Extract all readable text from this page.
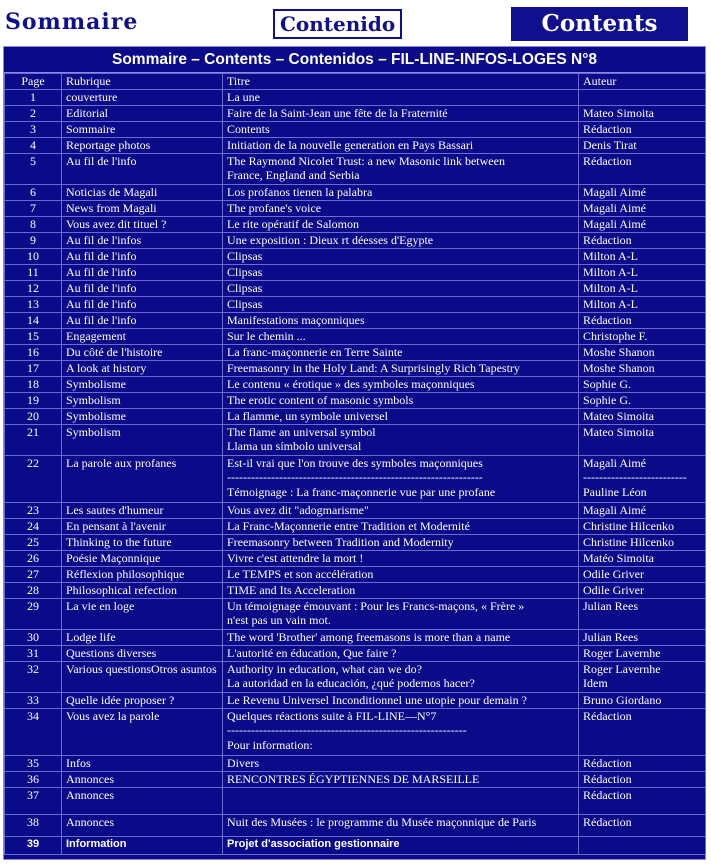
Sommaire	Contenido	Contents
Sommaire – Contents – Contenidos – FIL-LINE-INFOS-LOGES N°8
Page	Rubrique	Titre	Auteur
1	couverture	La une	

2	Editorial	Faire de la Saint-Jean une fête de la Fraternité	Mateo Simoita

3	Sommaire	Contents	Rédaction

4	Reportage photos	Initiation de la nouvelle generation en Pays Bassari	Denis Tirat

5	Au fil de l'info	The Raymond Nicolet Trust: a new Masonic link between
France, England and Serbia	Rédaction

6	Noticias de Magali	Los profanos tienen la palabra	Magali Aimé

7	News from Magali	The profane's voice	Magali Aimé

8	Vous avez dit tituel ?	Le rite opératif de Salomon	Magali Aimé

9	Au fil de l'infos	Une exposition : Dieux rt déesses d'Egypte	Rédaction

10	Au fil de l'info	Clipsas	Milton A-L

11	Au fil de l'info	Clipsas	Milton A-L

12	Au fil de l'info	Clipsas	Milton A-L

13	Au fil de l'info	Clipsas	Milton A-L

14	Au fil de l'info	Manifestations maçonniques	Rédaction

15	Engagement	Sur le chemin ...	Christophe F.

16	Du côté de l'histoire	La franc-maçonnerie en Terre Sainte	Moshe Shanon

17	A look at history	Freemasonry in the Holy Land: A Surprisingly Rich Tapestry	Moshe Shanon

18	Symbolisme	Le contenu « érotique » des symboles maçonniques	Sophie G.

19	Symbolism	The erotic content of masonic symbols	Sophie G.

20	Symbolisme	La flamme, un symbole universel	Mateo Simoita

21	Symbolism	The flame an universal symbol
Llama un símbolo universal	Mateo Simoita

22	La parole aux profanes	Est-il vrai que l'on trouve des symboles maçonniques
----------------------------------------------------------------
Témoignage : La franc-maçonnerie vue par une profane	Magali Aimé
--------------------------
Pauline Léon

23	Les sautes d'humeur	Vous avez dit "adogmarisme"	Magali Aimé

24	En pensant à l'avenir	La Franc-Maçonnerie entre Tradition et Modernité	Christine Hilcenko

25	Thinking to the future	Freemasonry between Tradition and Modernity	Christine Hilcenko

26	Poésie Maçonnique	Vivre c'est attendre la mort !	Matéo Simoita

27	Réflexion philosophique	Le TEMPS et son accélération	Odile Griver

28	Philosophical refection	TIME and Its Acceleration	Odile Griver

29	La vie en loge	Un témoignage émouvant : Pour les Francs-maçons, « Frère »
n'est pas un vain mot.	Julian Rees

30	Lodge life	The word 'Brother' among freemasons is more than a name	Julian Rees

31	Questions diverses	L'autorité en éducation, Que faire ?	Roger Lavernhe

32	Various questionsOtros asuntos	Authority in education, what can we do?
La autoridad en la educación, ¿qué podemos hacer?	Roger Lavernhe
Idem

33	Quelle idée proposer ?	Le Revenu Universel Inconditionnel une utopie pour demain ?	Bruno Giordano

34	Vous avez la parole	Quelques réactions suite à FIL-LINE—N°7
------------------------------------------------------------
Pour information:	Rédaction

35	Infos	Divers	Rédaction

36	Annonces	RENCONTRES ÉGYPTIENNES DE MARSEILLE	Rédaction

37	Annonces		Rédaction

38	Annonces	Nuit des Musées : le programme du Musée maçonnique de Paris	Rédaction

39	Information	Projet d'association gestionnaire	
